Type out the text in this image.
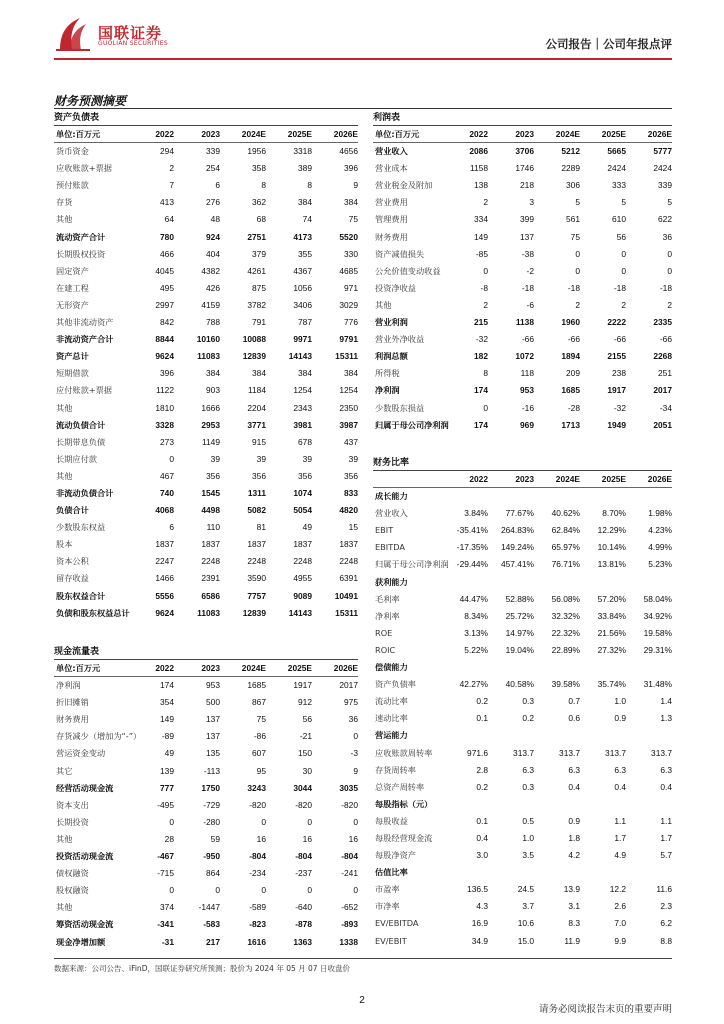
国联证券
GUOLIAN SECURITIES	公司报告｜公司年报点评
财务预测摘要
资产负债表
单位:百万元	2022	2023	2024E	2025E	2026E
货币资金	294	339	1956	3318	4656
应收账款+票据	2	254	358	389	396
预付账款	7	6	8	8	9
存货	413	276	362	384	384
其他	64	48	68	74	75
流动资产合计	780	924	2751	4173	5520
长期股权投资	466	404	379	355	330
固定资产	4045	4382	4261	4367	4685
在建工程	495	426	875	1056	971
无形资产	2997	4159	3782	3406	3029
其他非流动资产	842	788	791	787	776
非流动资产合计	8844	10160	10088	9971	9791
资产总计	9624	11083	12839	14143	15311
短期借款	396	384	384	384	384
应付账款+票据	1122	903	1184	1254	1254
其他	1810	1666	2204	2343	2350
流动负债合计	3328	2953	3771	3981	3987
长期带息负债	273	1149	915	678	437
长期应付款	0	39	39	39	39
其他	467	356	356	356	356
非流动负债合计	740	1545	1311	1074	833
负债合计	4068	4498	5082	5054	4820
少数股东权益	6	110	81	49	15
股本	1837	1837	1837	1837	1837
资本公积	2247	2248	2248	2248	2248
留存收益	1466	2391	3590	4955	6391
股东权益合计	5556	6586	7757	9089	10491
负债和股东权益总计	9624	11083	12839	14143	15311
现金流量表
单位:百万元	2022	2023	2024E	2025E	2026E
净利润	174	953	1685	1917	2017
折旧摊销	354	500	867	912	975
财务费用	149	137	75	56	36
存货减少（增加为“-”）	-89	137	-86	-21	0
营运资金变动	49	135	607	150	-3
其它	139	-113	95	30	9
经营活动现金流	777	1750	3243	3044	3035
资本支出	-495	-729	-820	-820	-820
长期投资	0	-280	0	0	0
其他	28	59	16	16	16
投资活动现金流	-467	-950	-804	-804	-804
债权融资	-715	864	-234	-237	-241
股权融资	0	0	0	0	0
其他	374	-1447	-589	-640	-652
筹资活动现金流	-341	-583	-823	-878	-893
现金净增加额	-31	217	1616	1363	1338
利润表
单位:百万元	2022	2023	2024E	2025E	2026E
营业收入	2086	3706	5212	5665	5777
营业成本	1158	1746	2289	2424	2424
营业税金及附加	138	218	306	333	339
营业费用	2	3	5	5	5
管理费用	334	399	561	610	622
财务费用	149	137	75	56	36
资产减值损失	-85	-38	0	0	0
公允价值变动收益	0	-2	0	0	0
投资净收益	-8	-18	-18	-18	-18
其他	2	-6	2	2	2
营业利润	215	1138	1960	2222	2335
营业外净收益	-32	-66	-66	-66	-66
利润总额	182	1072	1894	2155	2268
所得税	8	118	209	238	251
净利润	174	953	1685	1917	2017
少数股东损益	0	-16	-28	-32	-34
归属于母公司净利润	174	969	1713	1949	2051
财务比率
2022	2023	2024E	2025E	2026E
成长能力
营业收入	3.84%	77.67%	40.62%	8.70%	1.98%
EBIT	-35.41%	264.83%	62.84%	12.29%	4.23%
EBITDA	-17.35%	149.24%	65.97%	10.14%	4.99%
归属于母公司净利润 -29.44%	457.41%	76.71%	13.81%	5.23%
获利能力
毛利率	44.47%	52.88%	56.08%	57.20%	58.04%
净利率	8.34%	25.72%	32.32%	33.84%	34.92%
ROE	3.13%	14.97%	22.32%	21.56%	19.58%
ROIC	5.22%	19.04%	22.89%	27.32%	29.31%
偿债能力
资产负债率	42.27%	40.58%	39.58%	35.74%	31.48%
流动比率	0.2	0.3	0.7	1.0	1.4
速动比率	0.1	0.2	0.6	0.9	1.3
营运能力
应收账款周转率	971.6	313.7	313.7	313.7	313.7
存货周转率	2.8	6.3	6.3	6.3	6.3
总资产周转率	0.2	0.3	0.4	0.4	0.4
每股指标（元）
每股收益	0.1	0.5	0.9	1.1	1.1
每股经营现金流	0.4	1.0	1.8	1.7	1.7
每股净资产	3.0	3.5	4.2	4.9	5.7
估值比率
市盈率	136.5	24.5	13.9	12.2	11.6
市净率	4.3	3.7	3.1	2.6	2.3
EV/EBITDA	16.9	10.6	8.3	7.0	6.2
EV/EBIT	34.9	15.0	11.9	9.9	8.8
数据来源：公司公告、iFinD，国联证券研究所预测；股价为 2024 年 05 月 07 日收盘价
2
请务必阅读报告末页的重要声明
